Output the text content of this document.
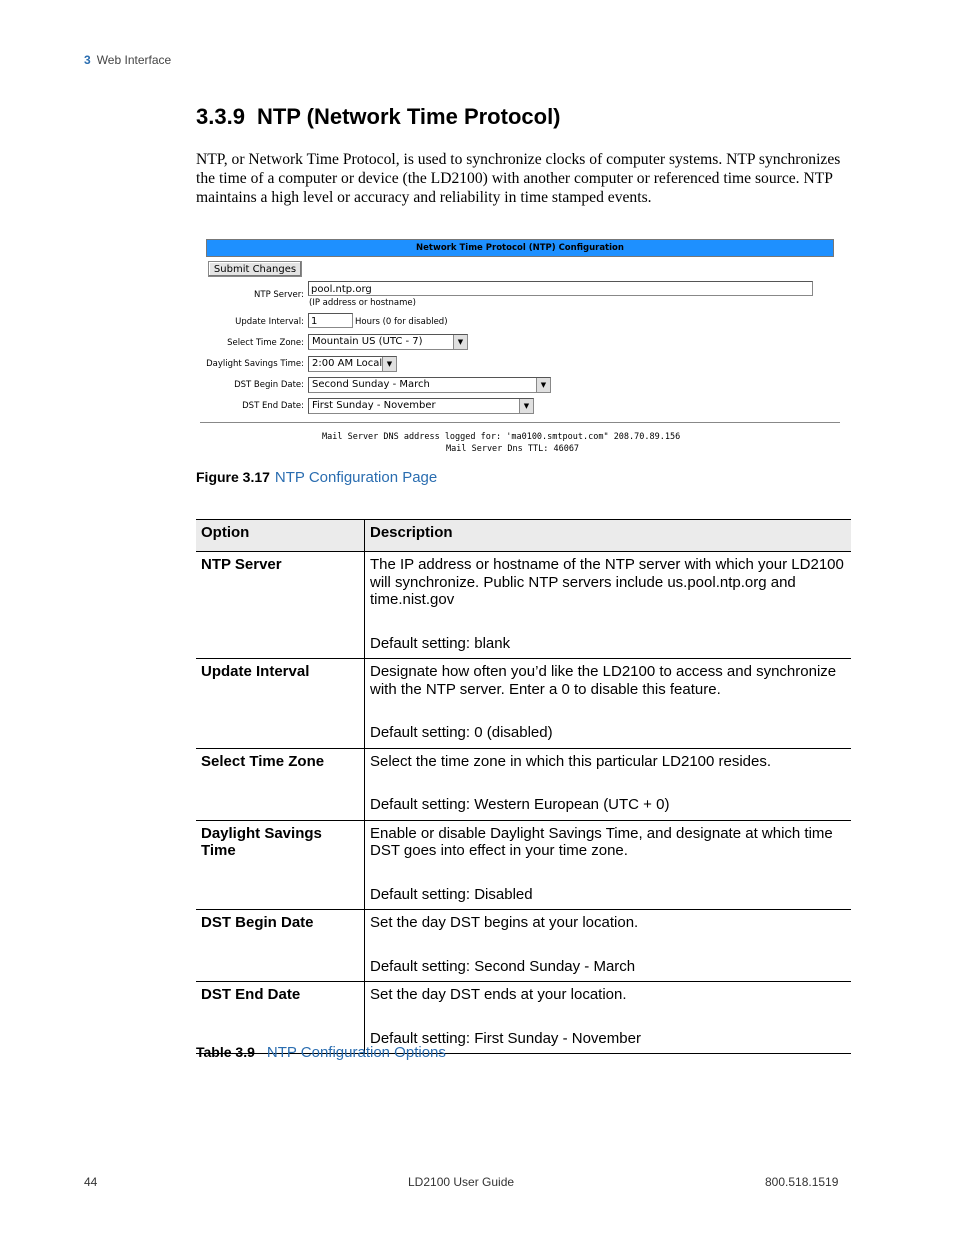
3 Web Interface
3.3.9 NTP (Network Time Protocol)

NTP, or Network Time Protocol, is used to synchronize clocks of computer systems. NTP synchronizes the time of a computer or device (the LD2100) with another computer or referenced time source. NTP maintains a high level or accuracy and reliability in time stamped events.

Network Time Protocol (NTP) Configuration
Submit Changes
NTP Server: pool.ntp.org
(IP address or hostname)
Update Interval: 1	Hours (0 for disabled)
Select Time Zone: Mountain US (UTC - 7)	▼
Daylight Savings Time: 2:00 AM Local ▼
DST Begin Date: Second Sunday - March	▼
DST End Date: First Sunday - November	▼
Mail Server DNS address logged for: 'ma0100.smtpout.com" 208.70.89.156
Mail Server Dns TTL: 46067
Figure 3.17 NTP Configuration Page
Option	Description
NTP Server	The IP address or hostname of the NTP server with which your LD2100 will synchronize. Public NTP servers include us.pool.ntp.org and time.nist.gov
Default setting: blank

Update Interval	Designate how often you’d like the LD2100 to access and synchronize with the NTP server. Enter a 0 to disable this feature.
Default setting: 0 (disabled)

Select Time Zone	Select the time zone in which this particular LD2100 resides.
Default setting: Western European (UTC + 0)

Daylight Savings Time	Enable or disable Daylight Savings Time, and designate at which time DST goes into effect in your time zone.
Default setting: Disabled

DST Begin Date	Set the day DST begins at your location.
Default setting: Second Sunday - March

DST End Date	Set the day DST ends at your location.
Default setting: First Sunday - November
Table 3.9 NTP Configuration Options
44	LD2100 User Guide	800.518.1519
